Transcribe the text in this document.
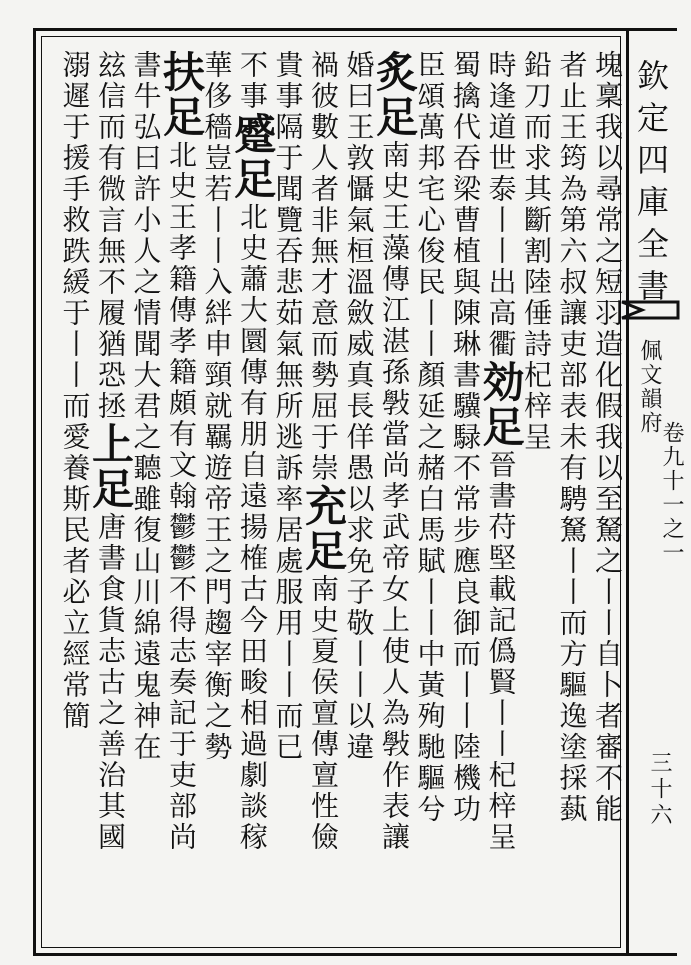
欽定四庫全書
佩文韻府
卷九十一之一
三十六
塊稟我以尋常之短羽造化假我以至駑之丨丨自卜者審不能
者止王筠為第六叔讓吏部表未有騁駑丨丨而方驅逸塗採蓺
鉛刀而求其斷割陸倕詩杞梓呈
時逢道世泰丨丨出高衢効足晉書苻堅載記僞賢丨丨杞梓呈
蜀擒代吞梁曹植與陳琳書驥騄不常步應良御而丨丨陸機功
臣頌萬邦宅心俊民丨丨顏延之赭白馬賦丨丨中黃殉馳驅兮
炙足南史王藻傳江湛孫斅當尚孝武帝女上使人為斅作表讓
婚曰王敦懾氣桓溫斂威真長佯愚以求免子敬丨丨以違
禍彼數人者非無才意而勢屈于崇充足南史夏侯亶傳亶性儉
貴事隔于聞覽吞悲茹氣無所逃訴率居處服用丨丨而已
不事蹙足北史蕭大圜傳有朋自遠揚榷古今田畯相過劇談稼
華侈穡豈若丨丨入絆申頸就羈遊帝王之門趨宰衡之勢
扶足北史王孝籍傳孝籍頗有文翰鬱鬱不得志奏記于吏部尚
書牛弘曰許小人之情聞大君之聽雖復山川綿遠鬼神在
玆信而有微言無不履猶恐拯上足唐書食貨志古之善治其國
溺遲于援手救跌緩于丨丨而愛養斯民者必立經常簡
